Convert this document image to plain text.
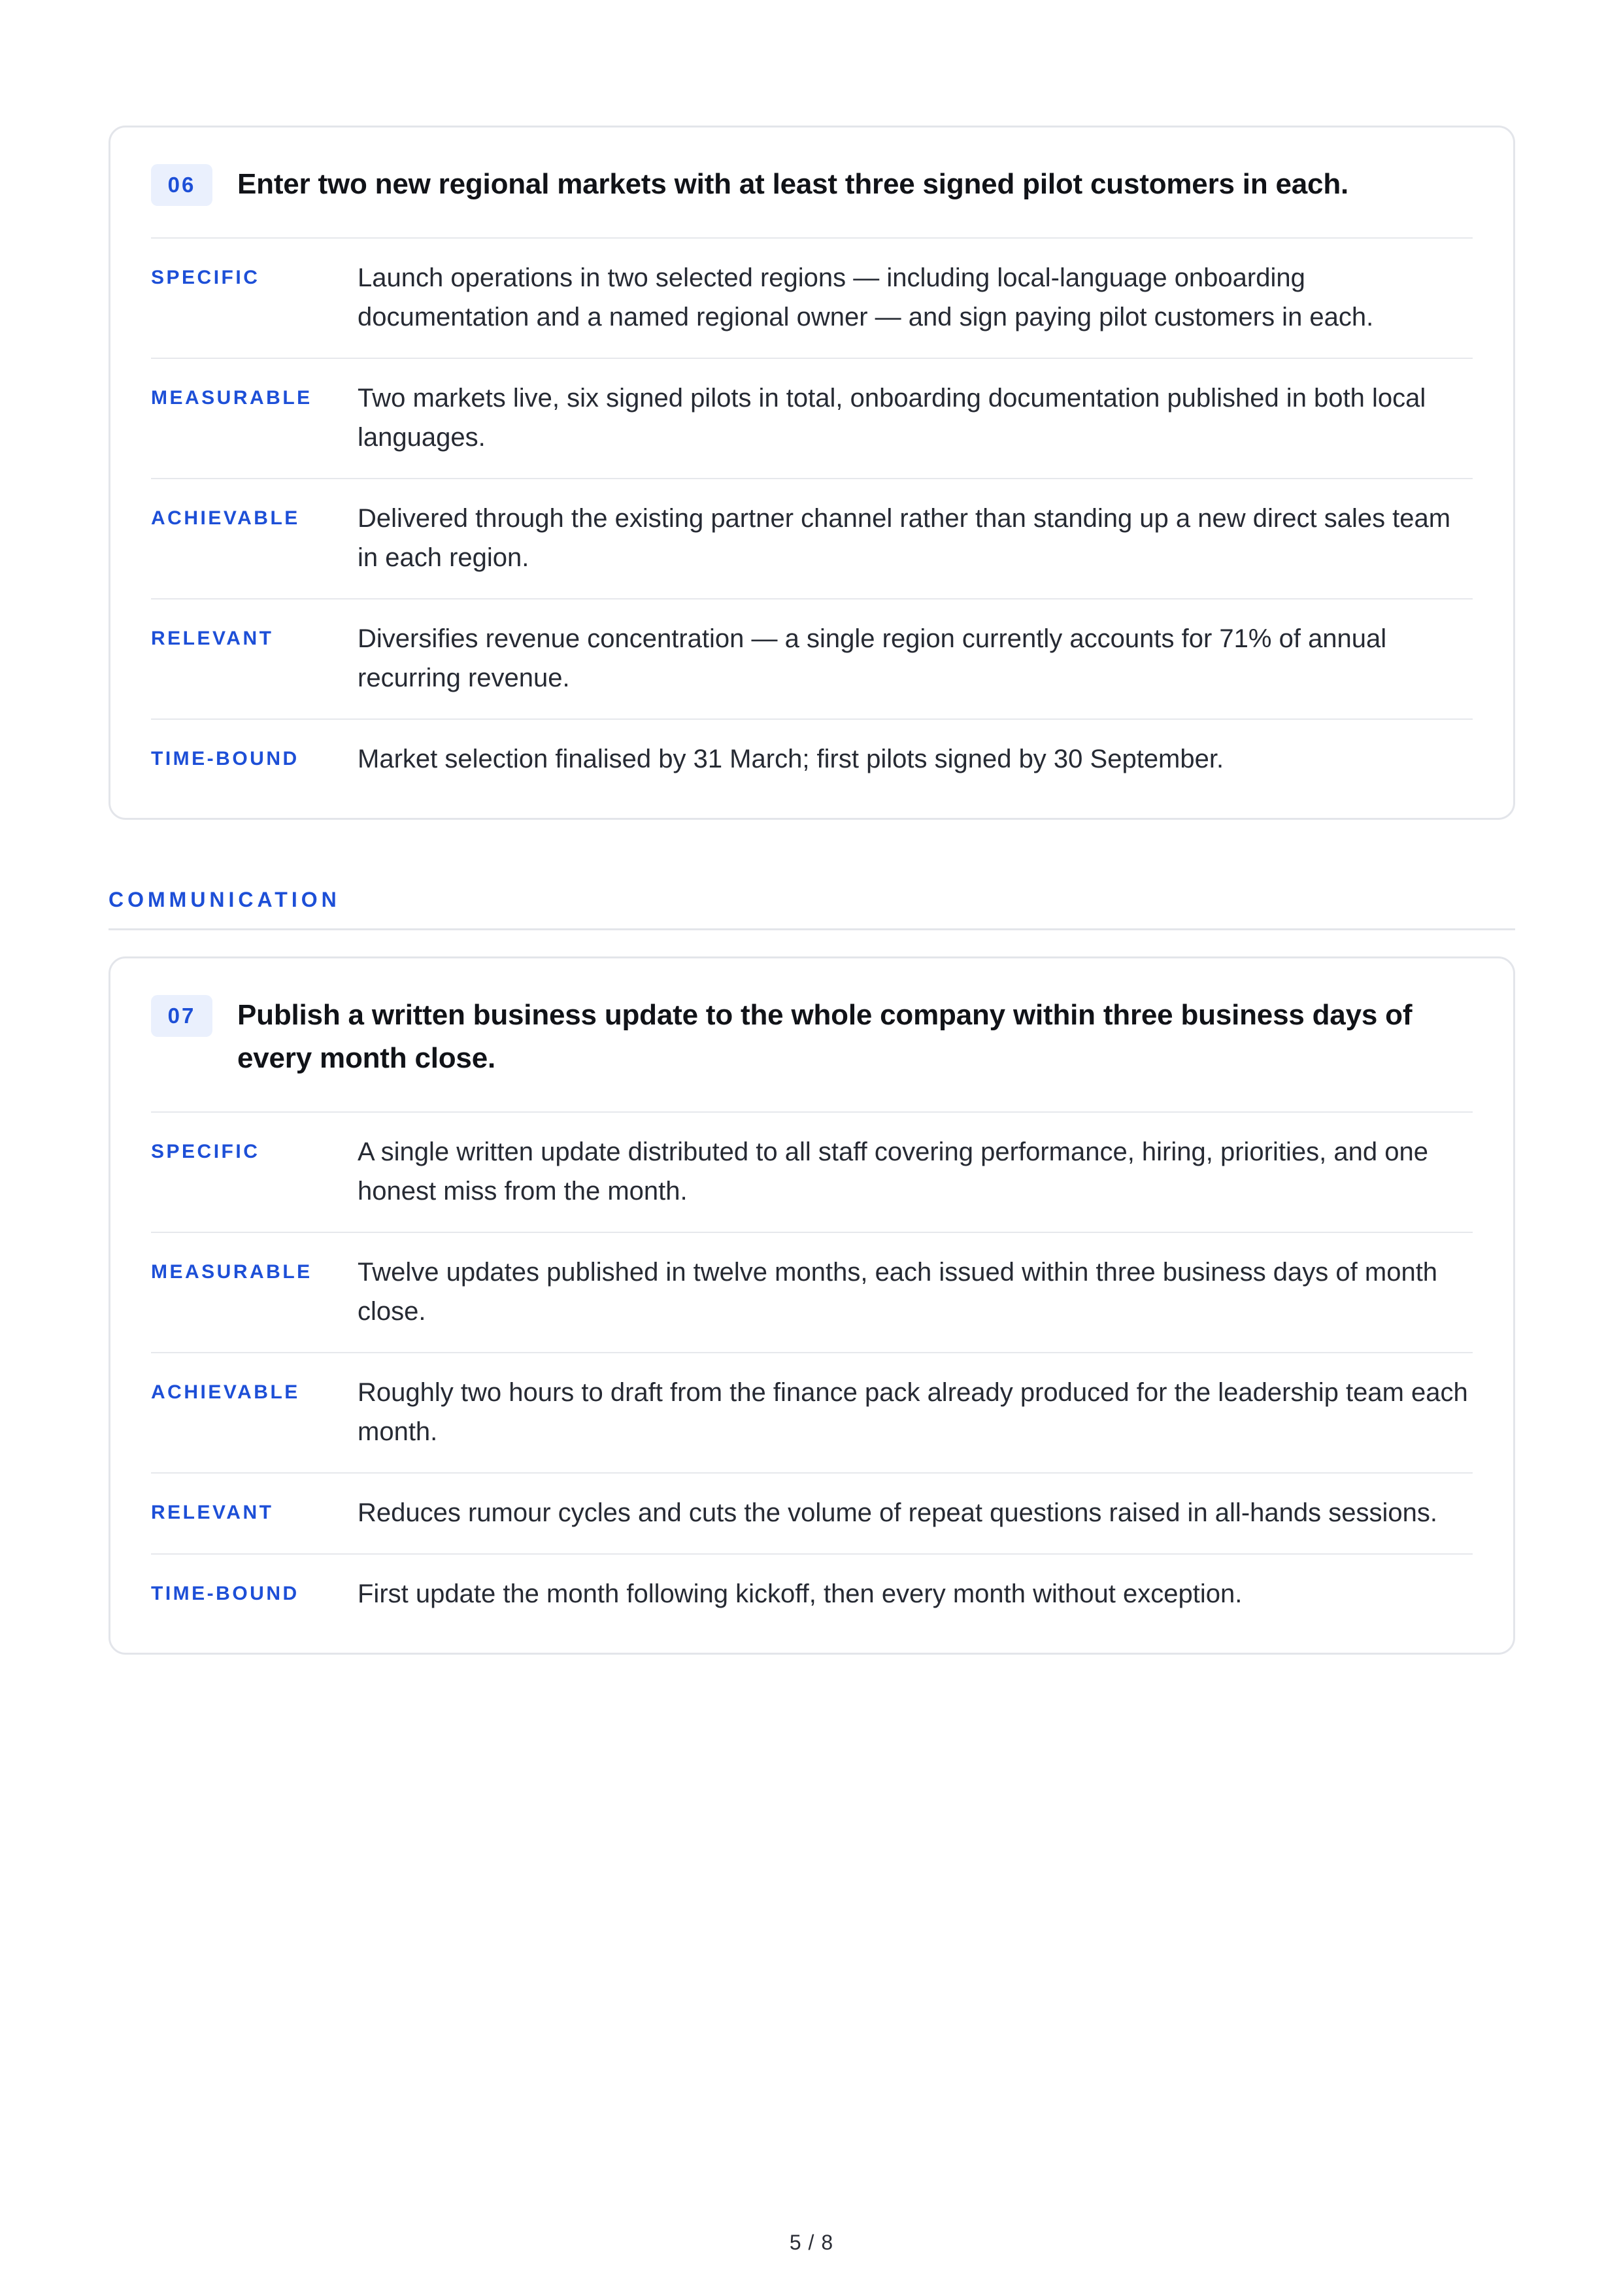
06	Enter two new regional markets with at least three signed pilot customers in each.
SPECIFIC	Launch operations in two selected regions — including local-language onboarding documentation and a named regional owner — and sign paying pilot customers in each.
MEASURABLE	Two markets live, six signed pilots in total, onboarding documentation published in both local languages.
ACHIEVABLE	Delivered through the existing partner channel rather than standing up a new direct sales team in each region.
RELEVANT	Diversifies revenue concentration — a single region currently accounts for 71% of annual recurring revenue.
TIME-BOUND	Market selection finalised by 31 March; first pilots signed by 30 September.
COMMUNICATION
07	Publish a written business update to the whole company within three business days of every month close.
SPECIFIC	A single written update distributed to all staff covering performance, hiring, priorities, and one honest miss from the month.
MEASURABLE	Twelve updates published in twelve months, each issued within three business days of month close.
ACHIEVABLE	Roughly two hours to draft from the finance pack already produced for the leadership team each month.
RELEVANT	Reduces rumour cycles and cuts the volume of repeat questions raised in all-hands sessions.
TIME-BOUND	First update the month following kickoff, then every month without exception.
5 / 8
